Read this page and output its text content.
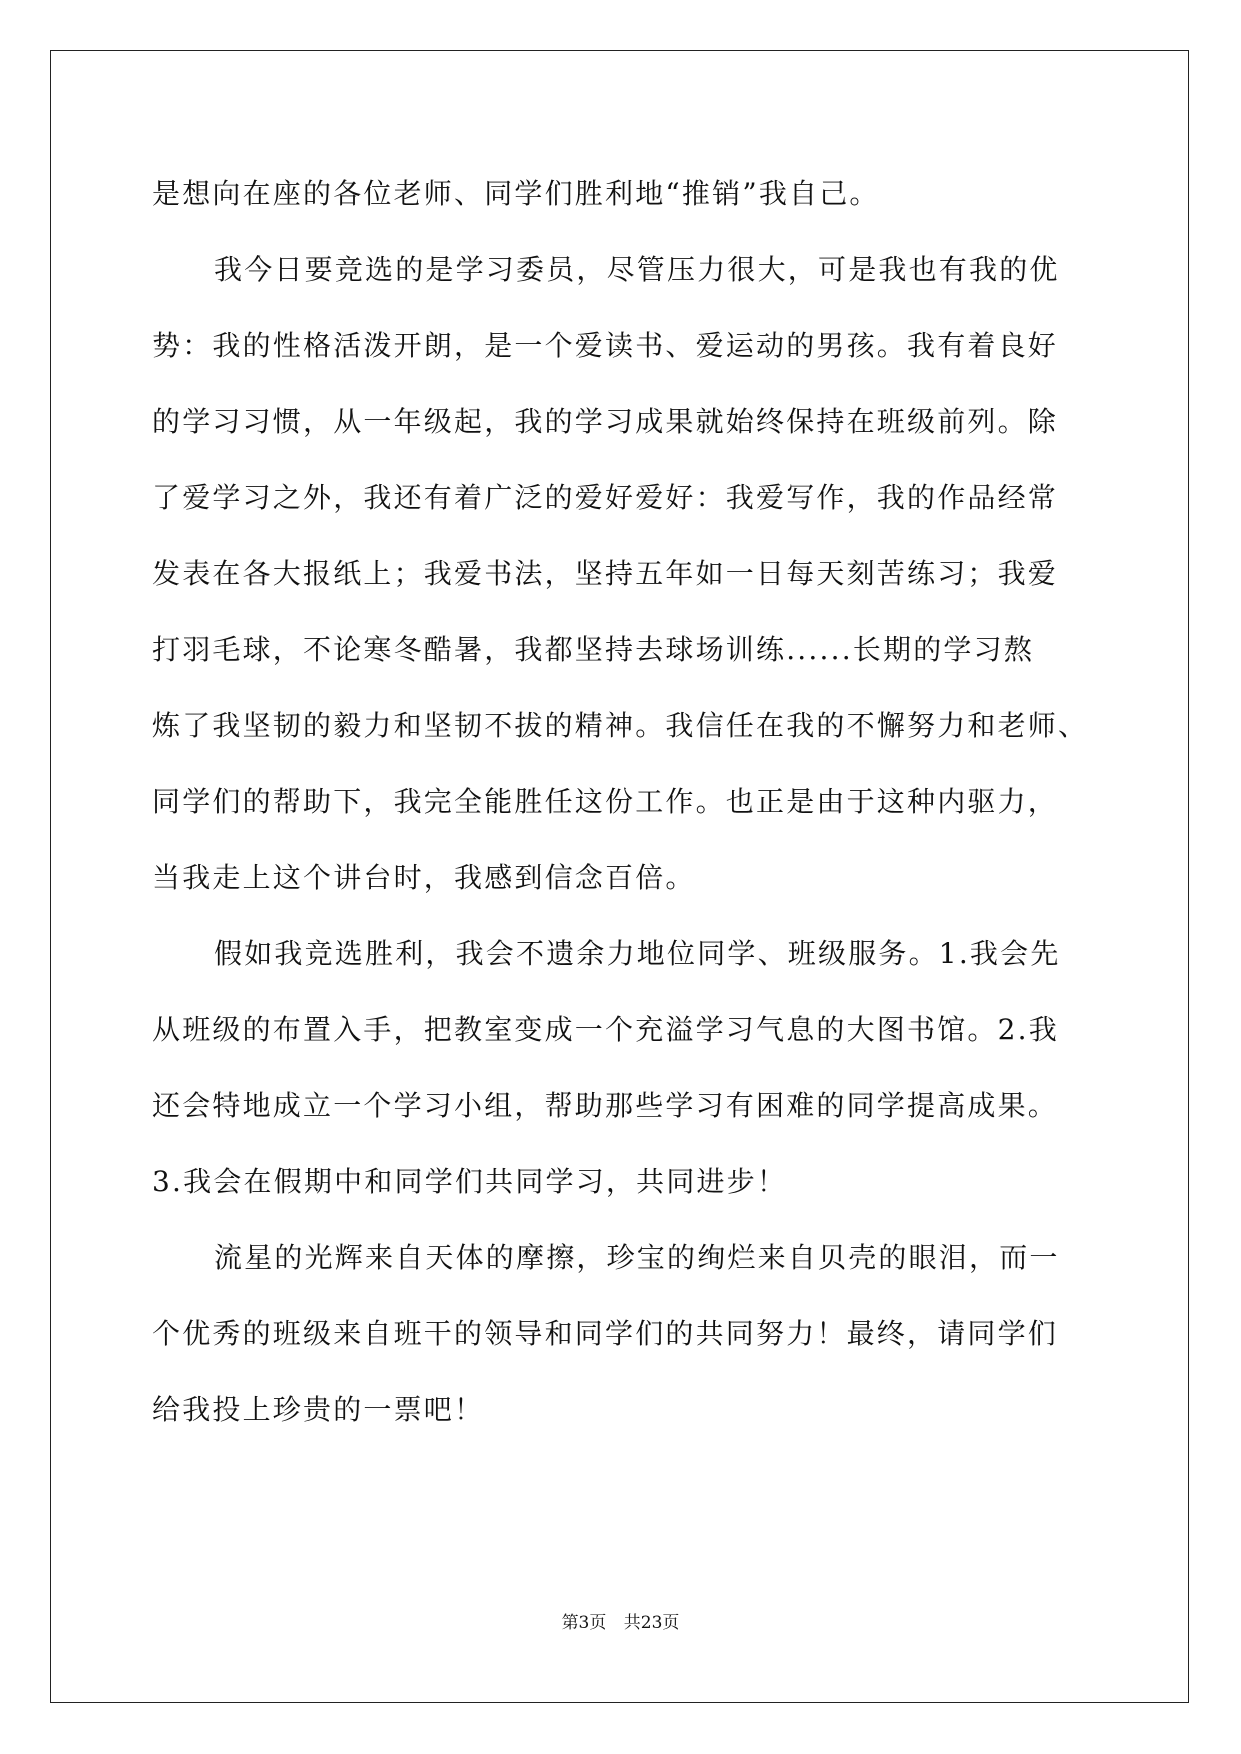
是想向在座的各位老师、同学们胜利地“推销”我自己。
我今日要竞选的是学习委员，尽管压力很大，可是我也有我的优
势：我的性格活泼开朗，是一个爱读书、爱运动的男孩。我有着良好
的学习习惯，从一年级起，我的学习成果就始终保持在班级前列。除
了爱学习之外，我还有着广泛的爱好爱好：我爱写作，我的作品经常
发表在各大报纸上；我爱书法，坚持五年如一日每天刻苦练习；我爱
打羽毛球，不论寒冬酷暑，我都坚持去球场训练......长期的学习熬
炼了我坚韧的毅力和坚韧不拔的精神。我信任在我的不懈努力和老师、
同学们的帮助下，我完全能胜任这份工作。也正是由于这种内驱力，
当我走上这个讲台时，我感到信念百倍。
假如我竞选胜利，我会不遗余力地位同学、班级服务。1.我会先
从班级的布置入手，把教室变成一个充溢学习气息的大图书馆。2.我
还会特地成立一个学习小组，帮助那些学习有困难的同学提高成果。
3.我会在假期中和同学们共同学习，共同进步！
流星的光辉来自天体的摩擦，珍宝的绚烂来自贝壳的眼泪，而一
个优秀的班级来自班干的领导和同学们的共同努力！最终，请同学们
给我投上珍贵的一票吧！
第3页 共23页
